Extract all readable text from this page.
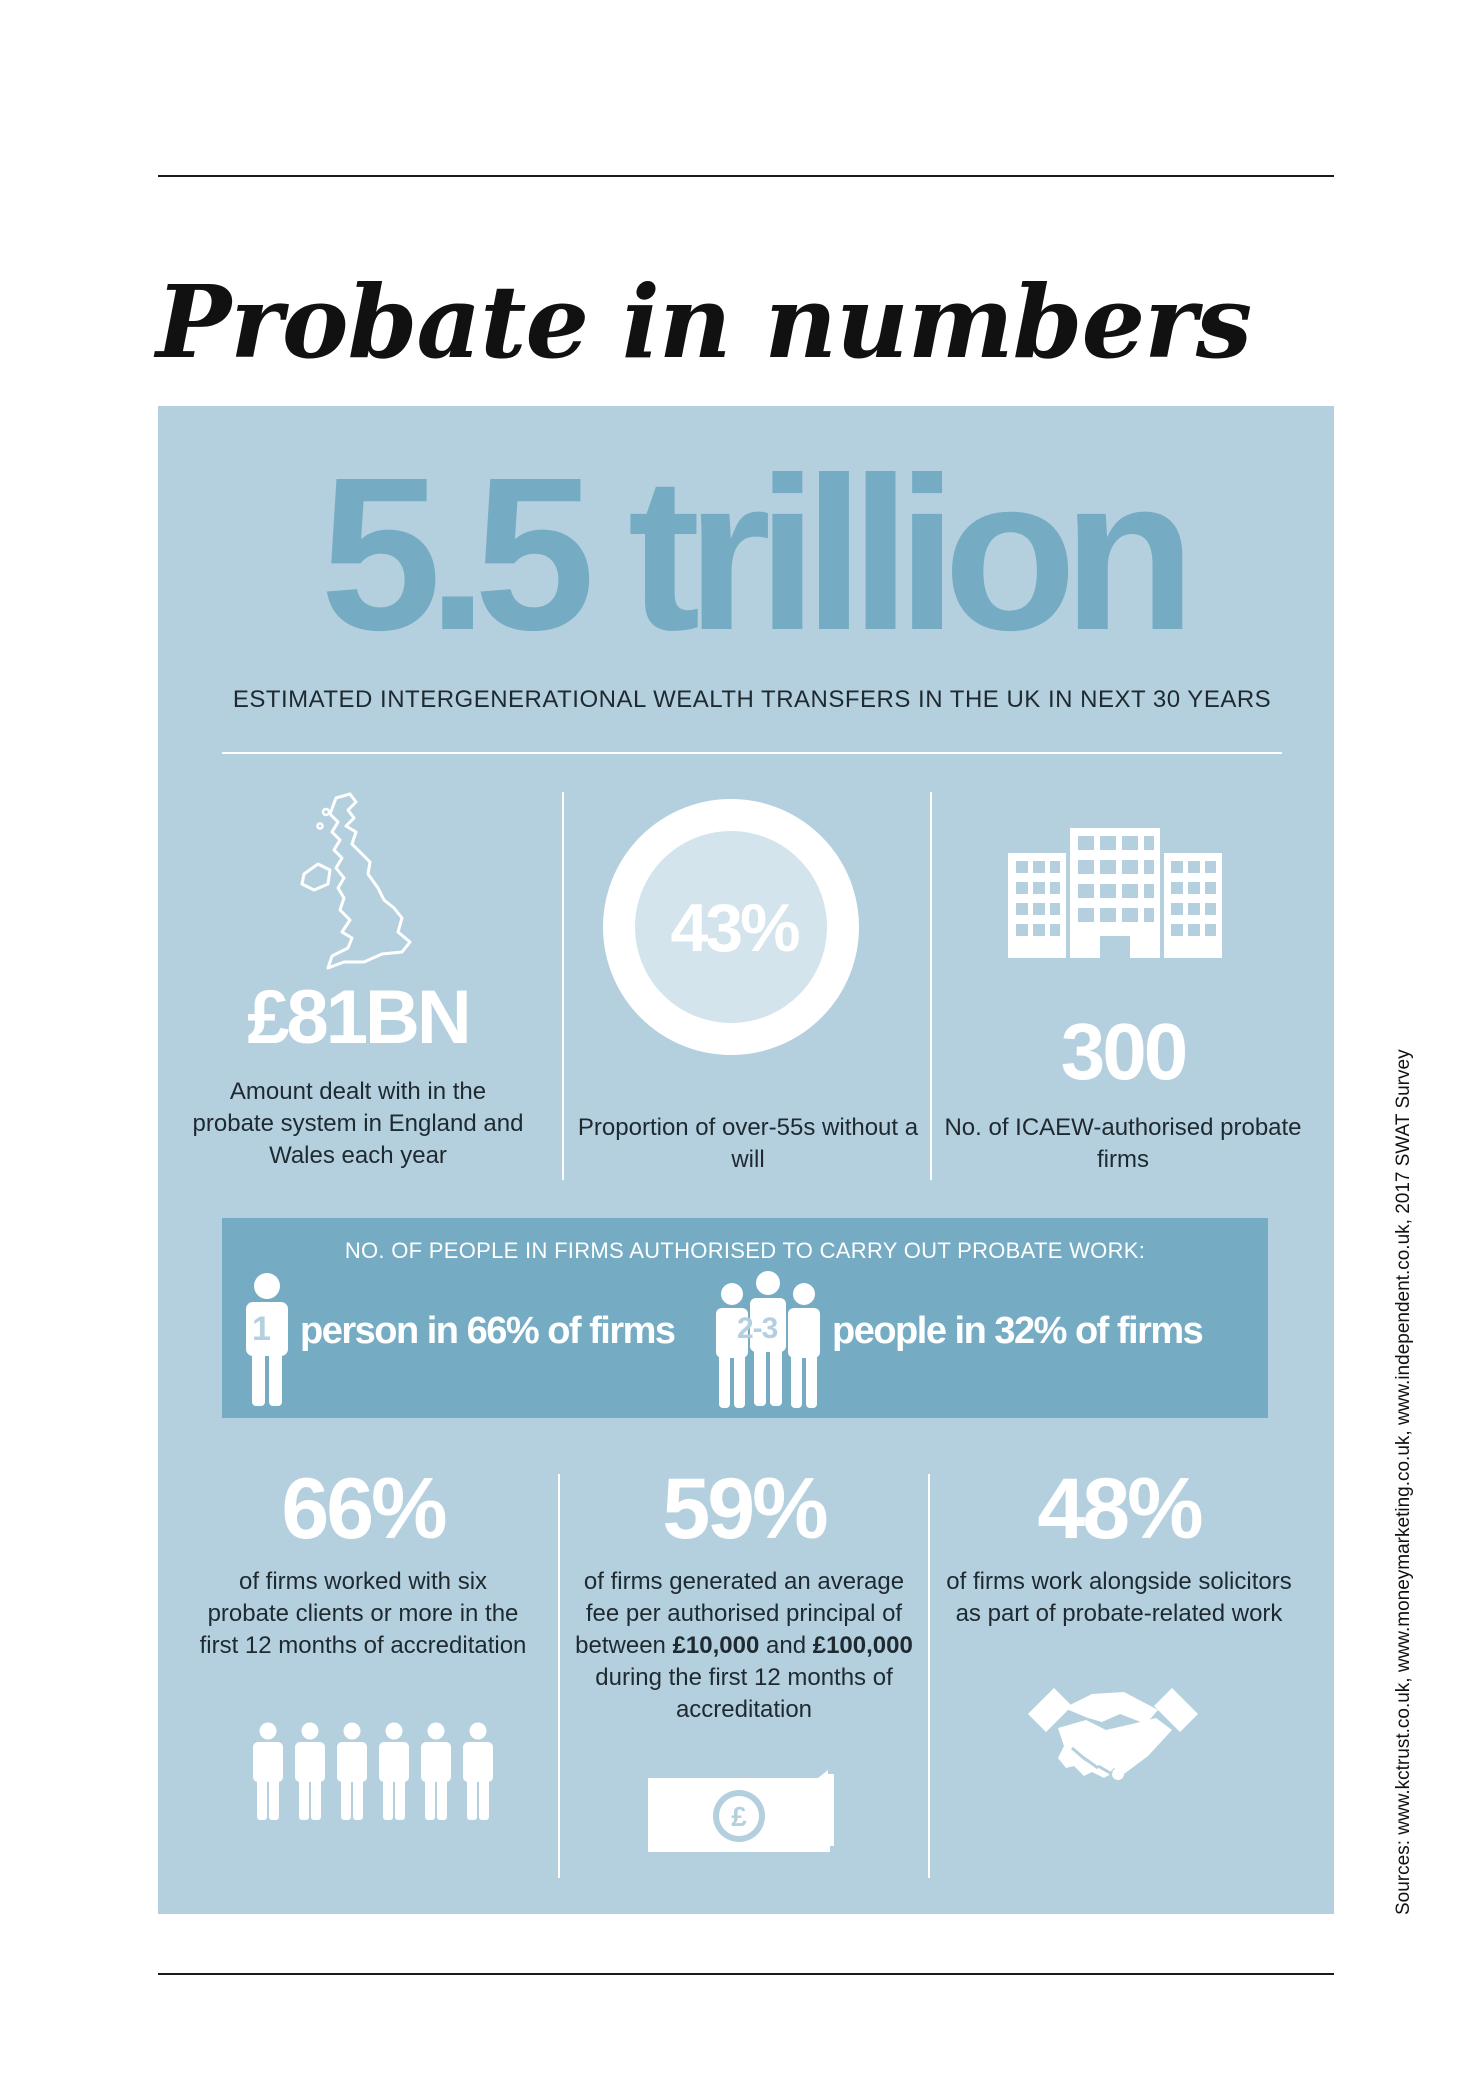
Probate in numbers
5.5 trillion
ESTIMATED INTERGENERATIONAL WEALTH TRANSFERS IN THE UK IN NEXT 30 YEARS
£81BN
Amount dealt with in the probate system in England and Wales each year
43%
Proportion of over-55s without a will
300
No. of ICAEW-authorised probate firms
NO. OF PEOPLE IN FIRMS AUTHORISED TO CARRY OUT PROBATE WORK:
1 person in 66% of firms 2-3 people in 32% of firms
66%
of firms worked with six probate clients or more in the first 12 months of accreditation
59%
of firms generated an average fee per authorised principal of between £10,000 and £100,000 during the first 12 months of accreditation
£
48%
of firms work alongside solicitors as part of probate-related work	Sources: www.kctrust.co.uk, www.moneymarketing.co.uk, www.independent.co.uk, 2017 SWAT Survey
